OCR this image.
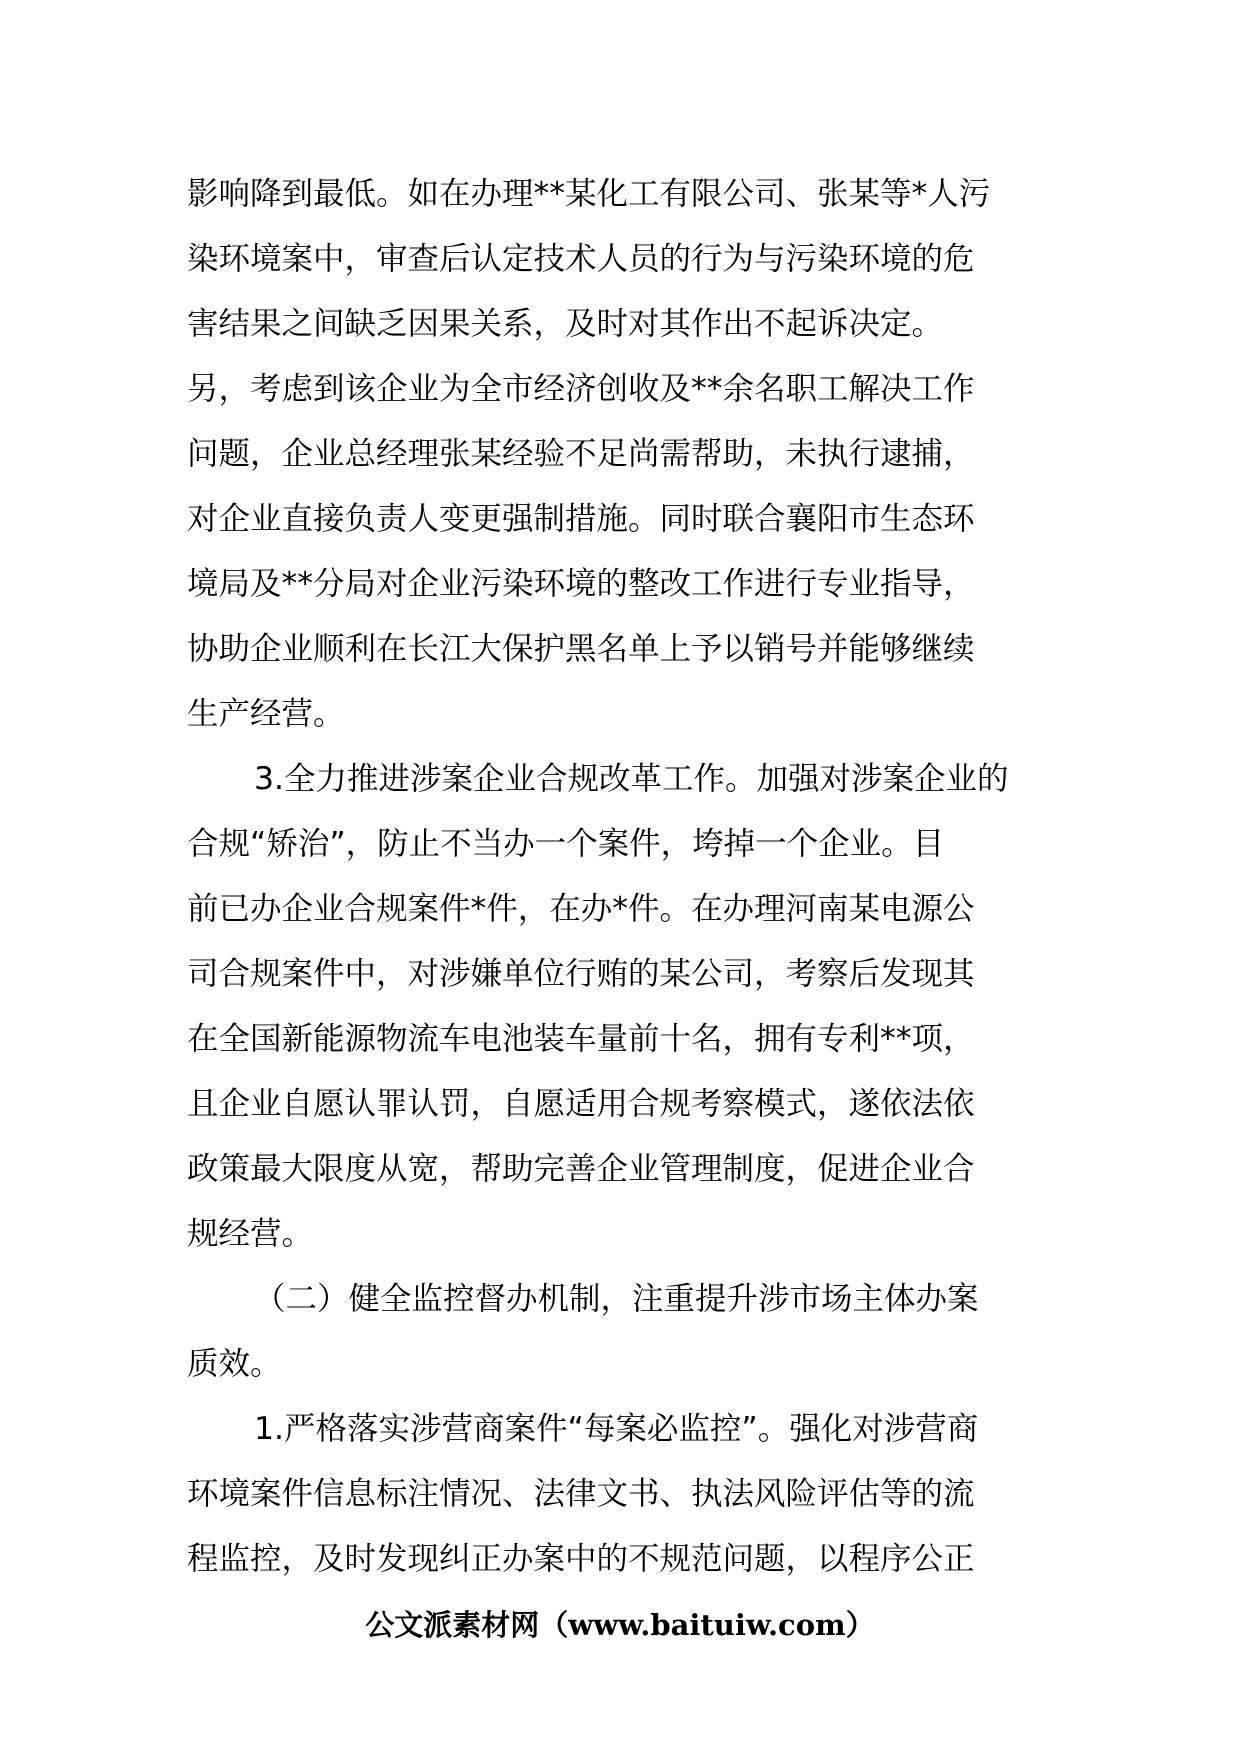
影响降到最低。如在办理**某化工有限公司、张某等*人污
染环境案中，审查后认定技术人员的行为与污染环境的危
害结果之间缺乏因果关系，及时对其作出不起诉决定。
另，考虑到该企业为全市经济创收及**余名职工解决工作
问题，企业总经理张某经验不足尚需帮助，未执行逮捕，
对企业直接负责人变更强制措施。同时联合襄阳市生态环
境局及**分局对企业污染环境的整改工作进行专业指导，
协助企业顺利在长江大保护黑名单上予以销号并能够继续
生产经营。
3.全力推进涉案企业合规改革工作。加强对涉案企业的
合规“矫治”，防止不当办一个案件，垮掉一个企业。目
前已办企业合规案件*件，在办*件。在办理河南某电源公
司合规案件中，对涉嫌单位行贿的某公司，考察后发现其
在全国新能源物流车电池装车量前十名，拥有专利**项，
且企业自愿认罪认罚，自愿适用合规考察模式，遂依法依
政策最大限度从宽，帮助完善企业管理制度，促进企业合
规经营。
（二）健全监控督办机制，注重提升涉市场主体办案
质效。
1.严格落实涉营商案件“每案必监控”。强化对涉营商
环境案件信息标注情况、法律文书、执法风险评估等的流
程监控，及时发现纠正办案中的不规范问题，以程序公正
公文派素材网（www.baituiw.com）
